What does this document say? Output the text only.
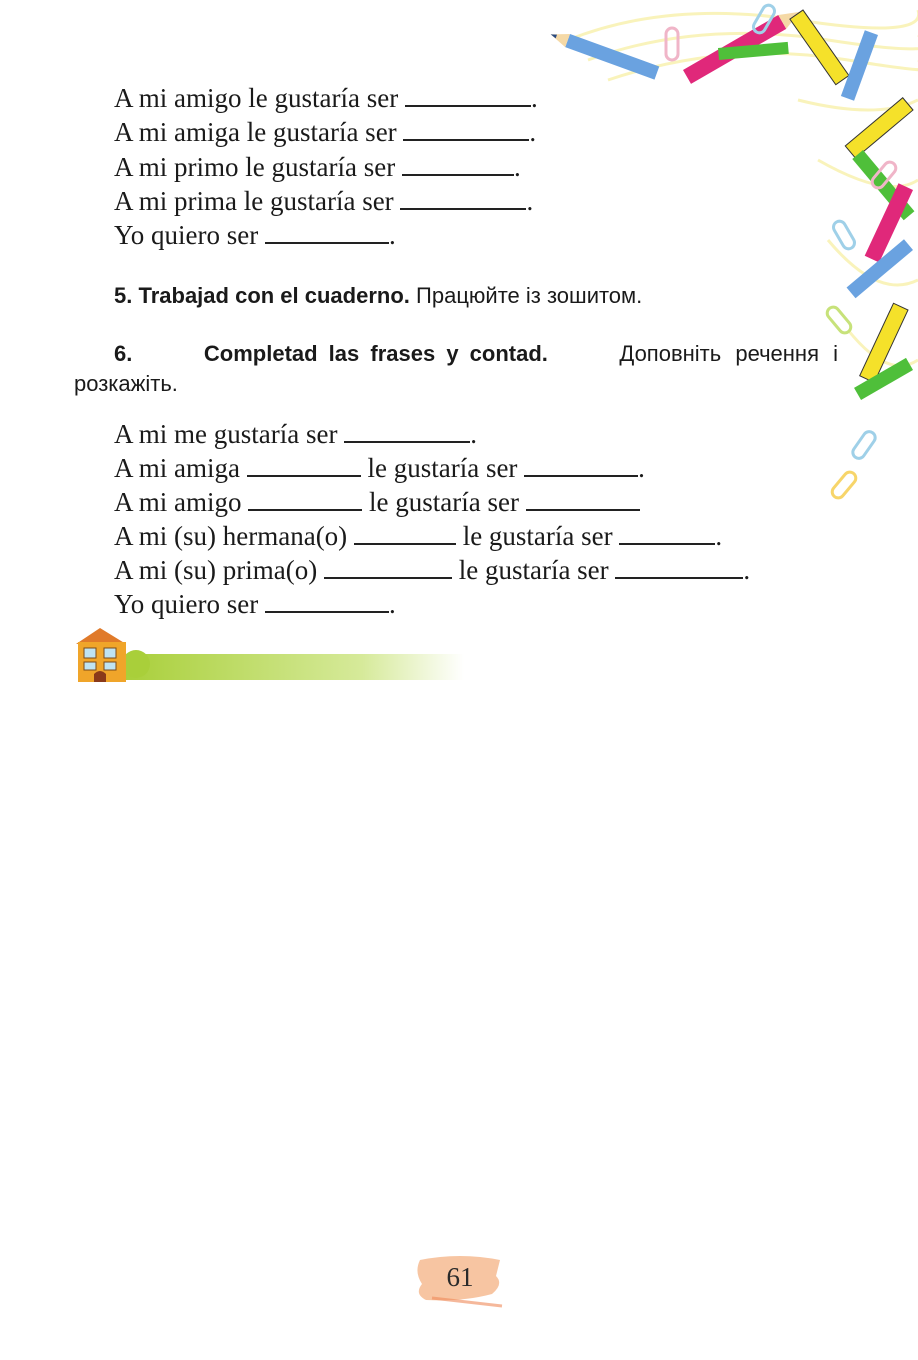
A mi amigo le gustaría ser	.
A mi amiga le gustaría ser	.
A mi primo le gustaría ser	.
A mi prima le gustaría ser	.
Yo quiero ser	.
5. Trabajad con el cuaderno. Працюйте із зошитом.
6.	Completad las frases y contad.	Доповніть речення і
розкажіть.
A mi me gustaría ser	.
A mi amiga	le gustaría ser	.
A mi amigo	le gustaría ser
A mi (su) hermana(o)	le gustaría ser	.
A mi (su) prima(o)	le gustaría ser	.
Yo quiero ser	.
61
